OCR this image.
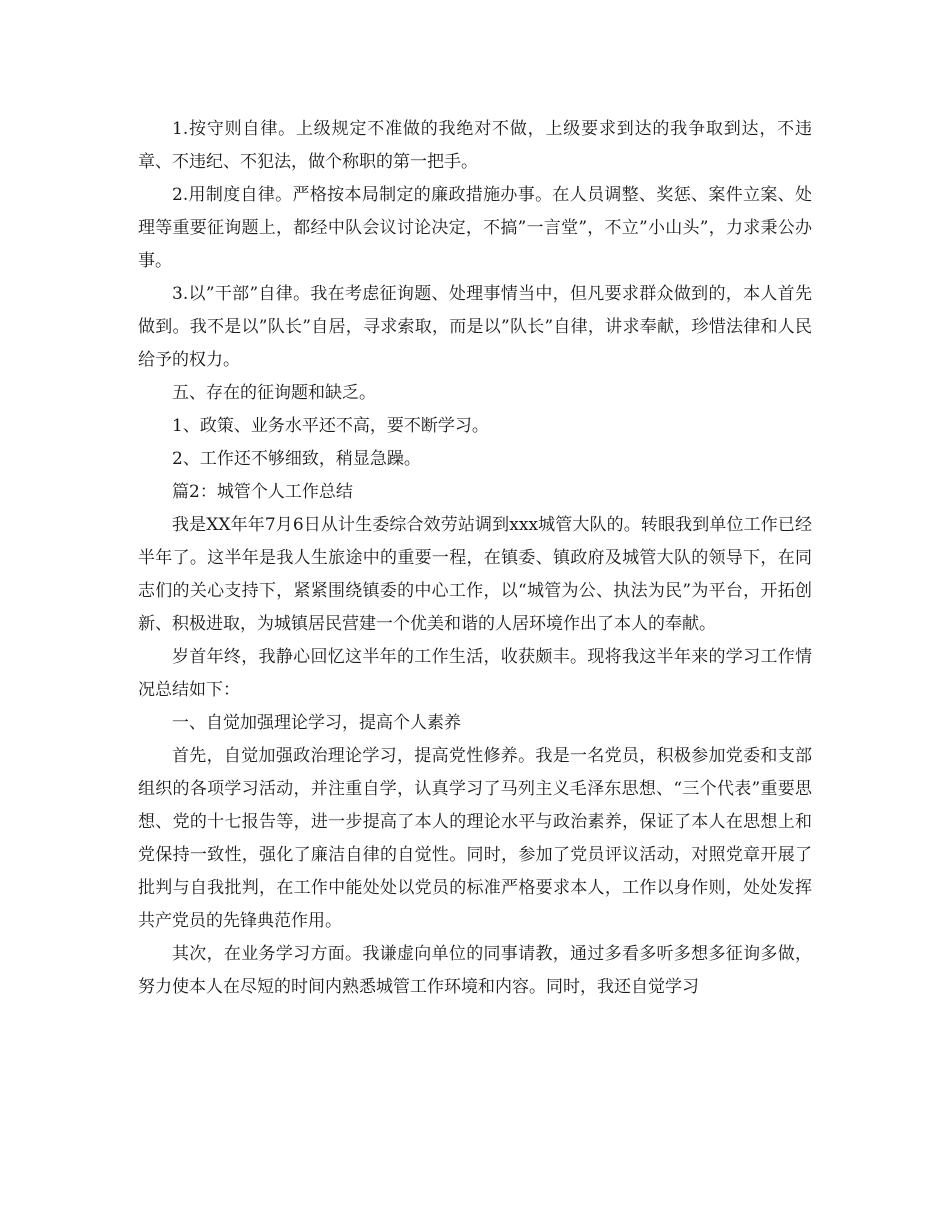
1.按守则自律。上级规定不准做的我绝对不做，上级要求到达的我争取到达，不违章、不违纪、不犯法，做个称职的第一把手。

2.用制度自律。严格按本局制定的廉政措施办事。在人员调整、奖惩、案件立案、处理等重要征询题上，都经中队会议讨论决定，不搞”一言堂”，不立”小山头”，力求秉公办事。

3.以”干部”自律。我在考虑征询题、处理事情当中，但凡要求群众做到的，本人首先做到。我不是以”队长”自居，寻求索取，而是以”队长”自律，讲求奉献，珍惜法律和人民给予的权力。

五、存在的征询题和缺乏。

1、政策、业务水平还不高，要不断学习。

2、工作还不够细致，稍显急躁。

篇2：城管个人工作总结

我是XX年年7月6日从计生委综合效劳站调到xxx城管大队的。转眼我到单位工作已经半年了。这半年是我人生旅途中的重要一程，在镇委、镇政府及城管大队的领导下，在同志们的关心支持下，紧紧围绕镇委的中心工作，以“城管为公、执法为民”为平台，开拓创新、积极进取，为城镇居民营建一个优美和谐的人居环境作出了本人的奉献。

岁首年终，我静心回忆这半年的工作生活，收获颇丰。现将我这半年来的学习工作情况总结如下：

一、自觉加强理论学习，提高个人素养

首先，自觉加强政治理论学习，提高党性修养。我是一名党员，积极参加党委和支部组织的各项学习活动，并注重自学，认真学习了马列主义毛泽东思想、“三个代表”重要思想、党的十七报告等，进一步提高了本人的理论水平与政治素养，保证了本人在思想上和党保持一致性，强化了廉洁自律的自觉性。同时，参加了党员评议活动，对照党章开展了批判与自我批判，在工作中能处处以党员的标准严格要求本人，工作以身作则，处处发挥共产党员的先锋典范作用。

其次，在业务学习方面。我谦虚向单位的同事请教，通过多看多听多想多征询多做，努力使本人在尽短的时间内熟悉城管工作环境和内容。同时，我还自觉学习
